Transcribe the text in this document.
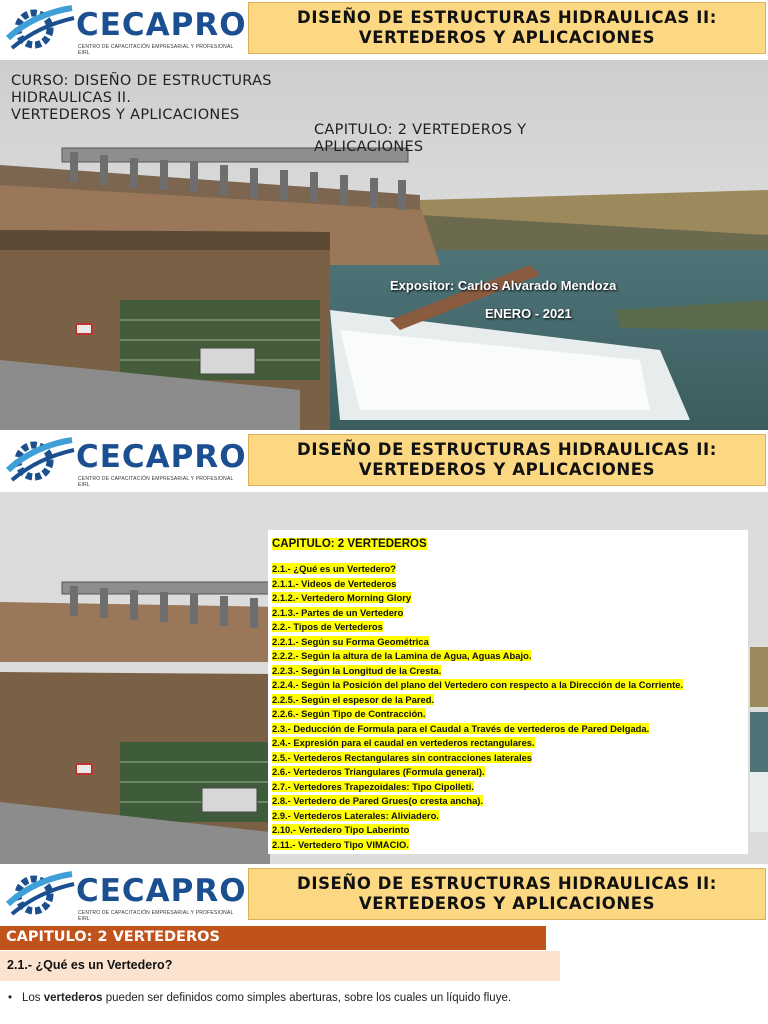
CECAPRO
CENTRO DE CAPACITACIÓN EMPRESARIAL Y PROFESIONAL EIRL
DISEÑO DE ESTRUCTURAS HIDRAULICAS II:
VERTEDEROS Y APLICACIONES
CURSO: DISEÑO DE ESTRUCTURAS
HIDRAULICAS II.
VERTEDEROS Y APLICACIONES
CAPITULO: 2 VERTEDEROS Y
APLICACIONES
Expositor: Carlos Alvarado Mendoza
ENERO - 2021
CECAPRO
CENTRO DE CAPACITACIÓN EMPRESARIAL Y PROFESIONAL EIRL
DISEÑO DE ESTRUCTURAS HIDRAULICAS II:
VERTEDEROS Y APLICACIONES
CAPITULO: 2 VERTEDEROS
2.1.- ¿Qué es un Vertedero?
2.1.1.- Videos de Vertederos
2.1.2.- Vertedero Morning Glory
2.1.3.- Partes de un Vertedero
2.2.- Tipos de Vertederos
2.2.1.- Según su Forma Geométrica
2.2.2.- Según la altura de la Lamina de Agua, Aguas Abajo.
2.2.3.- Según la Longitud de la Cresta.
2.2.4.- Según la Posición del plano del Vertedero con respecto a la Dirección de la Corriente.
2.2.5.- Según el espesor de la Pared.
2.2.6.- Según Tipo de Contracción.
2.3.- Deducción de Formula para el Caudal a Través de vertederos de Pared Delgada.
2.4.- Expresión para el caudal en vertederos rectangulares.
2.5.- Vertederos Rectangulares sin contracciones laterales
2.6.- Vertederos Triangulares (Formula general).
2.7.- Vertedores Trapezoidales: Tipo Cipolleti.
2.8.- Vertedero de Pared Grues(o cresta ancha).
2.9.- Vertederos Laterales: Aliviadero.
2.10.- Vertedero Tipo Laberinto
2.11.- Vertedero Tipo VIMACIO.
CECAPRO
CENTRO DE CAPACITACIÓN EMPRESARIAL Y PROFESIONAL EIRL
DISEÑO DE ESTRUCTURAS HIDRAULICAS II:
VERTEDEROS Y APLICACIONES
CAPITULO: 2 VERTEDEROS
2.1.- ¿Qué es un Vertedero?
• Los vertederos pueden ser definidos como simples aberturas, sobre los cuales un líquido fluye.
